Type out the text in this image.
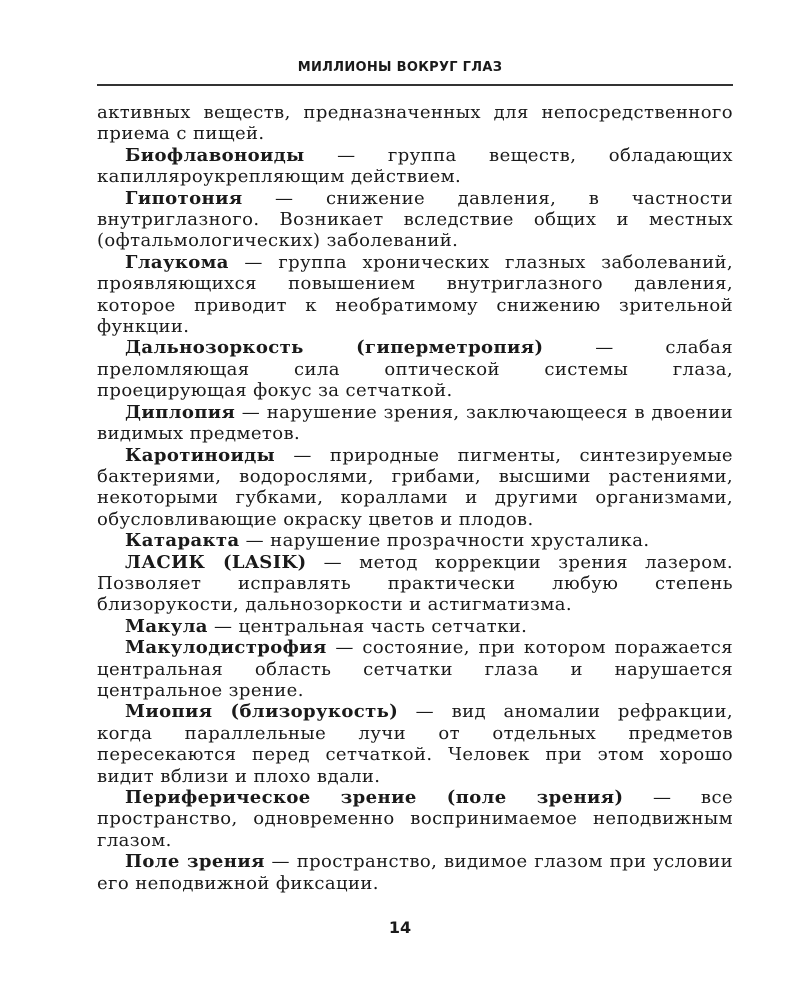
МИЛЛИОНЫ ВОКРУГ ГЛАЗ

активных веществ, предназначенных для непосредственного приема с пищей.

Биофлавоноиды — группа веществ, обладающих капилляроукрепляющим действием.

Гипотония — снижение давления, в частности внутриглазного. Возникает вследствие общих и местных (офтальмологических) заболеваний.

Глаукома — группа хронических глазных заболеваний, проявляющихся повышением внутриглазного давления, которое приводит к необратимому снижению зрительной функции.

Дальнозоркость (гиперметропия) — слабая преломляющая сила оптической системы глаза, проецирующая фокус за сетчаткой.

Диплопия — нарушение зрения, заключающееся в двоении видимых предметов.

Каротиноиды — природные пигменты, синтезируемые бактериями, водорослями, грибами, высшими растениями, некоторыми губками, кораллами и другими организмами, обусловливающие окраску цветов и плодов.

Катаракта — нарушение прозрачности хрусталика.

ЛАСИК (LASIK) — метод коррекции зрения лазером. Позволяет исправлять практически любую степень близорукости, дальнозоркости и астигматизма.

Макула — центральная часть сетчатки.

Макулодистрофия — состояние, при котором поражается центральная область сетчатки глаза и нарушается центральное зрение.

Миопия (близорукость) — вид аномалии рефракции, когда параллельные лучи от отдельных предметов пересекаются перед сетчаткой. Человек при этом хорошо видит вблизи и плохо вдали.

Периферическое зрение (поле зрения) — все пространство, одновременно воспринимаемое неподвижным глазом.

Поле зрения — пространство, видимое глазом при условии его неподвижной фиксации.

14
